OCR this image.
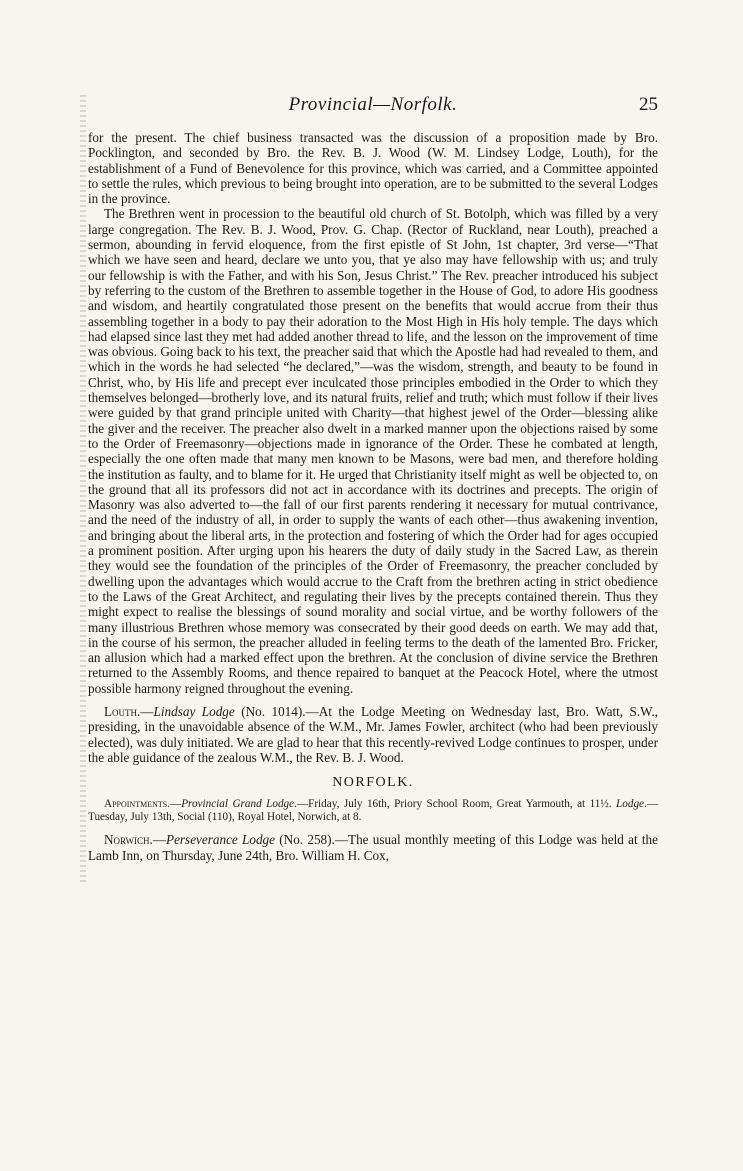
Provincial—Norfolk.	25

for the present. The chief business transacted was the discussion of a proposition made by Bro. Pocklington, and seconded by Bro. the Rev. B. J. Wood (W. M. Lindsey Lodge, Louth), for the establishment of a Fund of Benevolence for this province, which was carried, and a Committee appointed to settle the rules, which previous to being brought into operation, are to be submitted to the several Lodges in the province.

The Brethren went in procession to the beautiful old church of St. Botolph, which was filled by a very large congregation. The Rev. B. J. Wood, Prov. G. Chap. (Rector of Ruckland, near Louth), preached a sermon, abounding in fervid eloquence, from the first epistle of St John, 1st chapter, 3rd verse—“That which we have seen and heard, declare we unto you, that ye also may have fellowship with us; and truly our fellowship is with the Father, and with his Son, Jesus Christ.” The Rev. preacher introduced his subject by referring to the custom of the Brethren to assemble together in the House of God, to adore His goodness and wisdom, and heartily congratulated those present on the benefits that would accrue from their thus assembling together in a body to pay their adoration to the Most High in His holy temple. The days which had elapsed since last they met had added another thread to life, and the lesson on the improvement of time was obvious. Going back to his text, the preacher said that which the Apostle had had revealed to them, and which in the words he had selected “he declared,”—was the wisdom, strength, and beauty to be found in Christ, who, by His life and precept ever inculcated those principles embodied in the Order to which they themselves belonged—brotherly love, and its natural fruits, relief and truth; which must follow if their lives were guided by that grand principle united with Charity—that highest jewel of the Order—blessing alike the giver and the receiver. The preacher also dwelt in a marked manner upon the objections raised by some to the Order of Freemasonry—objections made in ignorance of the Order. These he combated at length, especially the one often made that many men known to be Masons, were bad men, and therefore holding the institution as faulty, and to blame for it. He urged that Christianity itself might as well be objected to, on the ground that all its professors did not act in accordance with its doctrines and precepts. The origin of Masonry was also adverted to—the fall of our first parents rendering it necessary for mutual contrivance, and the need of the industry of all, in order to supply the wants of each other—thus awakening invention, and bringing about the liberal arts, in the protection and fostering of which the Order had for ages occupied a prominent position. After urging upon his hearers the duty of daily study in the Sacred Law, as therein they would see the foundation of the principles of the Order of Freemasonry, the preacher concluded by dwelling upon the advantages which would accrue to the Craft from the brethren acting in strict obedience to the Laws of the Great Architect, and regulating their lives by the precepts contained therein. Thus they might expect to realise the blessings of sound morality and social virtue, and be worthy followers of the many illustrious Brethren whose memory was consecrated by their good deeds on earth. We may add that, in the course of his sermon, the preacher alluded in feeling terms to the death of the lamented Bro. Fricker, an allusion which had a marked effect upon the brethren. At the conclusion of divine service the Brethren returned to the Assembly Rooms, and thence repaired to banquet at the Peacock Hotel, where the utmost possible harmony reigned throughout the evening.

Louth.—Lindsay Lodge (No. 1014).—At the Lodge Meeting on Wednesday last, Bro. Watt, S.W., presiding, in the unavoidable absence of the W.M., Mr. James Fowler, architect (who had been previously elected), was duly initiated. We are glad to hear that this recently-revived Lodge continues to prosper, under the able guidance of the zealous W.M., the Rev. B. J. Wood.

NORFOLK.

Appointments.—Provincial Grand Lodge.—Friday, July 16th, Priory School Room, Great Yarmouth, at 11½. Lodge.—Tuesday, July 13th, Social (110), Royal Hotel, Norwich, at 8.

Norwich.—Perseverance Lodge (No. 258).—The usual monthly meeting of this Lodge was held at the Lamb Inn, on Thursday, June 24th, Bro. William H. Cox,
